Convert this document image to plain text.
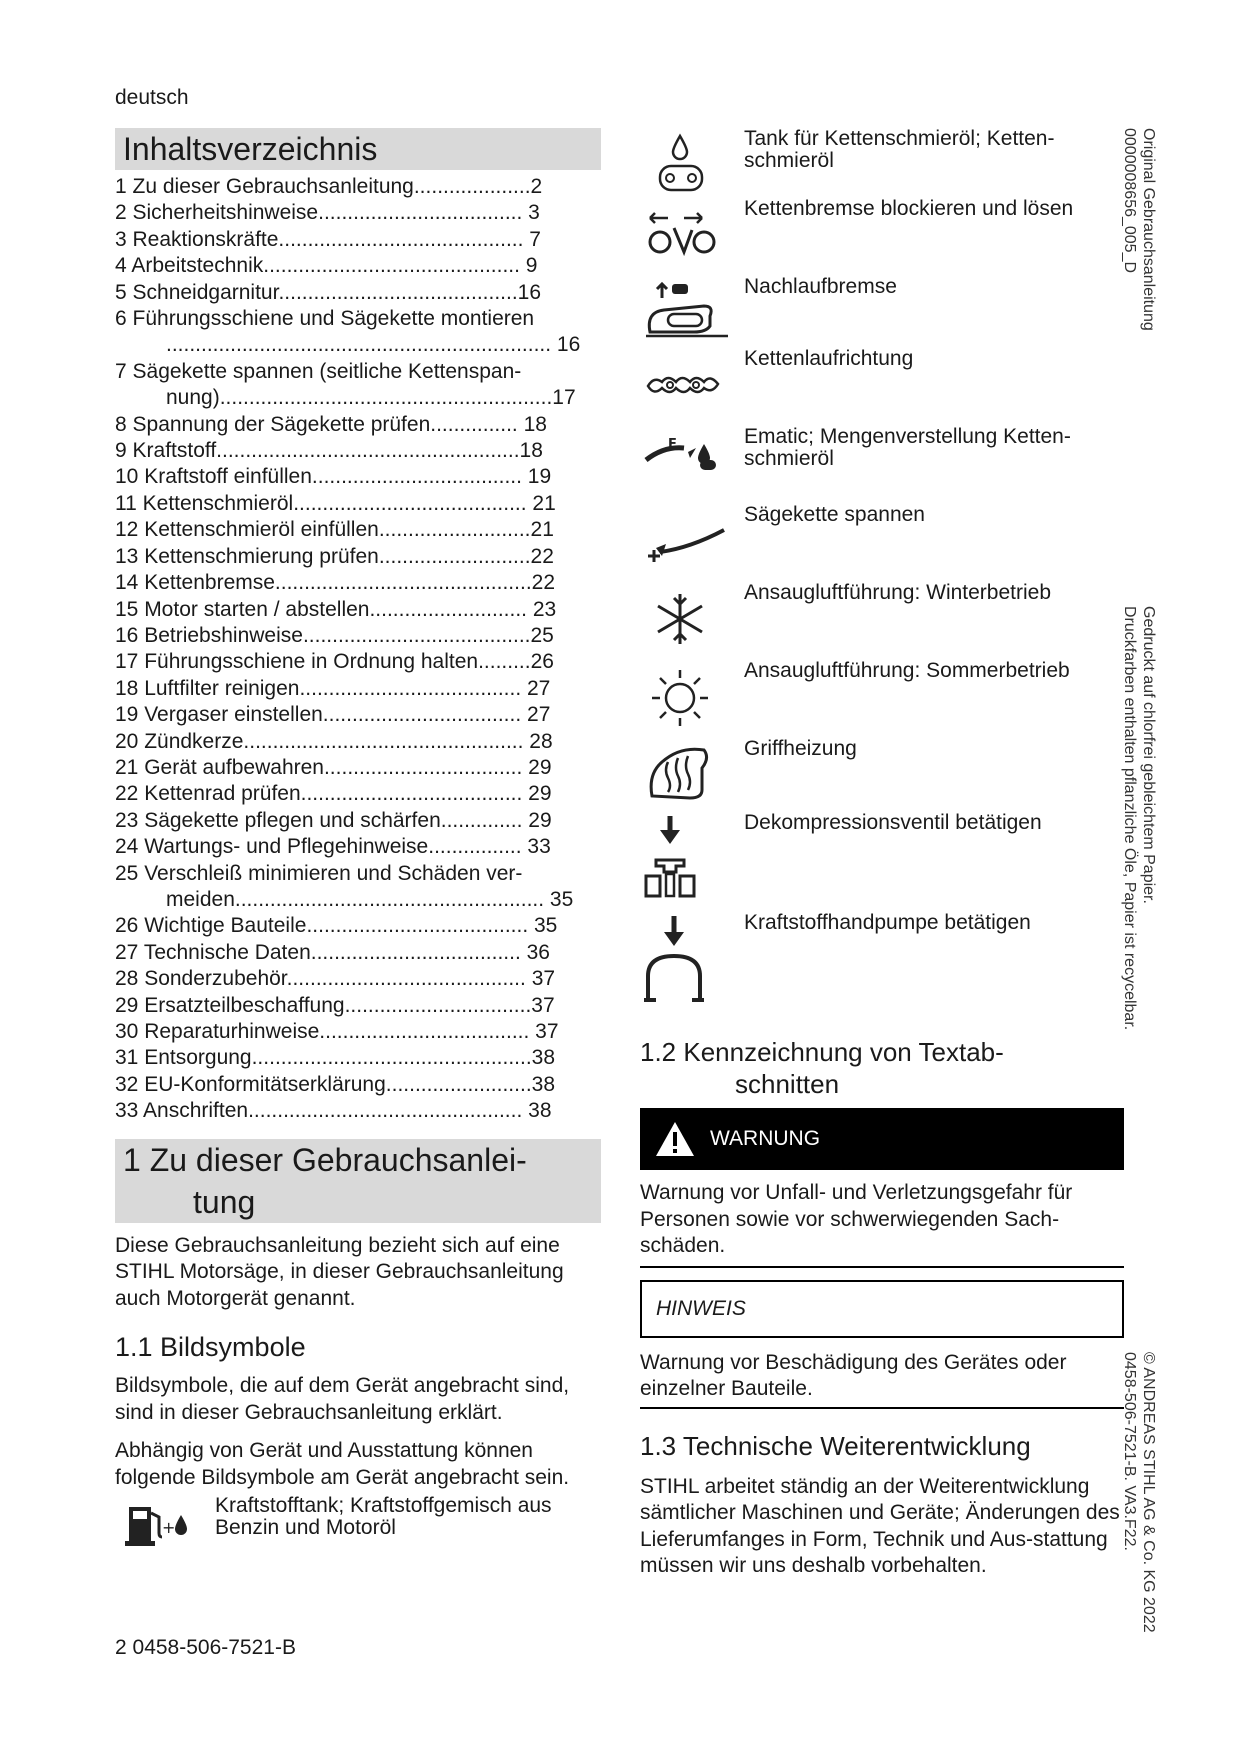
deutsch
Inhaltsverzeichnis
1 Zu dieser Gebrauchsanleitung....................2
2 Sicherheitshinweise................................... 3
3 Reaktionskräfte.......................................... 7
4 Arbeitstechnik............................................ 9
5 Schneidgarnitur.........................................16
6 Führungsschiene und Sägekette montieren
.................................................................. 16
7 Sägekette spannen (seitliche Kettenspan-
nung).........................................................17
8 Spannung der Sägekette prüfen............... 18
9 Kraftstoff....................................................18
10 Kraftstoff einfüllen.................................... 19
11 Kettenschmieröl........................................ 21
12 Kettenschmieröl einfüllen..........................21
13 Kettenschmierung prüfen..........................22
14 Kettenbremse............................................22
15 Motor starten / abstellen........................... 23
16 Betriebshinweise.......................................25
17 Führungsschiene in Ordnung halten.........26
18 Luftfilter reinigen...................................... 27
19 Vergaser einstellen.................................. 27
20 Zündkerze................................................ 28
21 Gerät aufbewahren.................................. 29
22 Kettenrad prüfen...................................... 29
23 Sägekette pflegen und schärfen.............. 29
24 Wartungs- und Pflegehinweise................ 33
25 Verschleiß minimieren und Schäden ver-
meiden..................................................... 35
26 Wichtige Bauteile...................................... 35
27 Technische Daten.................................... 36
28 Sonderzubehör......................................... 37
29 Ersatzteilbeschaffung................................37
30 Reparaturhinweise.................................... 37
31 Entsorgung................................................38
32 EU-Konformitätserklärung.........................38
33 Anschriften............................................... 38
1 Zu dieser Gebrauchsanlei-
tung

Diese Gebrauchsanleitung bezieht sich auf eine STIHL Motorsäge, in dieser Gebrauchsanleitung auch Motorgerät genannt.

1.1 Bildsymbole

Bildsymbole, die auf dem Gerät angebracht sind, sind in dieser Gebrauchsanleitung erklärt.

Abhängig von Gerät und Ausstattung können folgende Bildsymbole am Gerät angebracht sein.

+
Kraftstofftank; Kraftstoffgemisch aus Benzin und Motoröl
Tank für Kettenschmieröl; Ketten-schmieröl
Kettenbremse blockieren und lösen
Nachlaufbremse
Kettenlaufrichtung
E	Ematic; Mengenverstellung Ketten-schmieröl
Sägekette spannen
Ansaugluftführung: Winterbetrieb
Ansaugluftführung: Sommerbetrieb
Griffheizung
Dekompressionsventil betätigen
Kraftstoffhandpumpe betätigen
1.2 Kennzeichnung von Textab-
schnitten
WARNUNG

Warnung vor Unfall- und Verletzungsgefahr für Personen sowie vor schwerwiegenden Sach-schäden.

HINWEIS

Warnung vor Beschädigung des Gerätes oder einzelner Bauteile.

1.3 Technische Weiterentwicklung

STIHL arbeitet ständig an der Weiterentwicklung sämtlicher Maschinen und Geräte; Änderungen des Lieferumfanges in Form, Technik und Aus-stattung müssen wir uns deshalb vorbehalten.

Original Gebrauchsanleitung
0000008656_005_D
Gedruckt auf chlorfrei gebleichtem Papier.
Druckfarben enthalten pflanzliche Öle, Papier ist recycelbar.
© ANDREAS STIHL AG & Co. KG 2022
0458-506-7521-B. VA3.F22.
2 0458-506-7521-B
